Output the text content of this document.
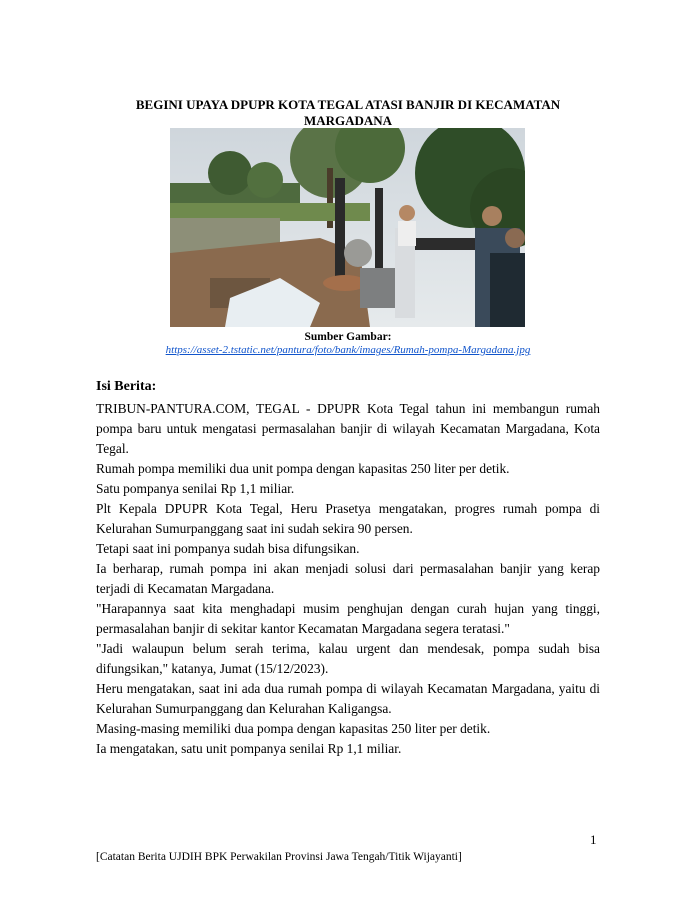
BEGINI UPAYA DPUPR KOTA TEGAL ATASI BANJIR DI KECAMATAN
MARGADANA
Sumber Gambar:
https://asset-2.tstatic.net/pantura/foto/bank/images/Rumah-pompa-Margadana.jpg
Isi Berita:

TRIBUN-PANTURA.COM, TEGAL - DPUPR Kota Tegal tahun ini membangun rumah pompa baru untuk mengatasi permasalahan banjir di wilayah Kecamatan Margadana, Kota Tegal.

Rumah pompa memiliki dua unit pompa dengan kapasitas 250 liter per detik.

Satu pompanya senilai Rp 1,1 miliar.

Plt Kepala DPUPR Kota Tegal, Heru Prasetya mengatakan, progres rumah pompa di Kelurahan Sumurpanggang saat ini sudah sekira 90 persen.

Tetapi saat ini pompanya sudah bisa difungsikan.

Ia berharap, rumah pompa ini akan menjadi solusi dari permasalahan banjir yang kerap terjadi di Kecamatan Margadana.

"Harapannya saat kita menghadapi musim penghujan dengan curah hujan yang tinggi, permasalahan banjir di sekitar kantor Kecamatan Margadana segera teratasi."

"Jadi walaupun belum serah terima, kalau urgent dan mendesak, pompa sudah bisa difungsikan," katanya, Jumat (15/12/2023).

Heru mengatakan, saat ini ada dua rumah pompa di wilayah Kecamatan Margadana, yaitu di Kelurahan Sumurpanggang dan Kelurahan Kaligangsa.

Masing-masing memiliki dua pompa dengan kapasitas 250 liter per detik.

Ia mengatakan, satu unit pompanya senilai Rp 1,1 miliar.

1
[Catatan Berita UJDIH BPK Perwakilan Provinsi Jawa Tengah/Titik Wijayanti]
